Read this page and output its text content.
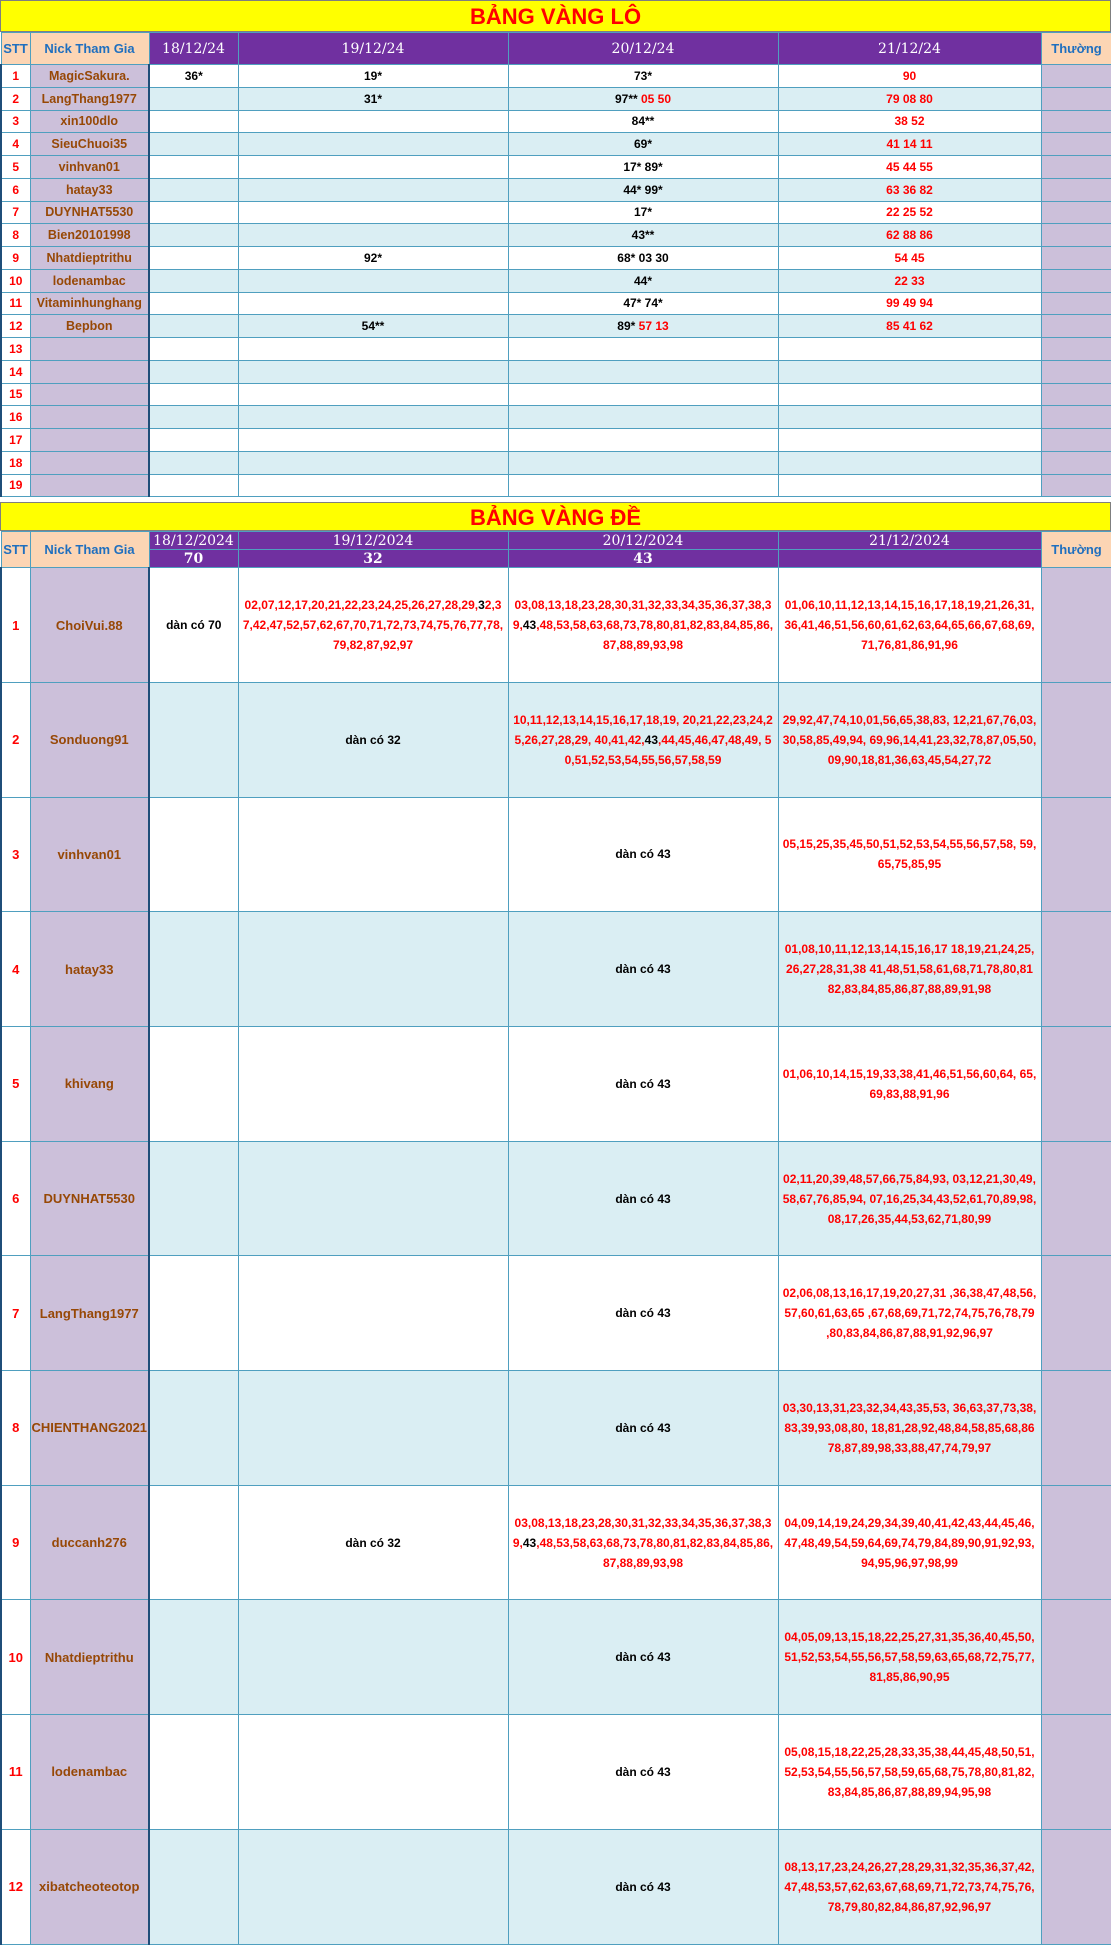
BẢNG VÀNG LÔ
STT	Nick Tham Gia	18/12/24	19/12/24	20/12/24	21/12/24	Thường
1	MagicSakura.	36*	19*	73*	90	
2	LangThang1977		31*	97** 05 50	79 08 80	
3	xin100dlo			84**	38 52	
4	SieuChuoi35			69*	41 14 11	
5	vinhvan01			17* 89*	45 44 55	
6	hatay33			44* 99*	63 36 82	
7	DUYNHAT5530			17*	22 25 52	
8	Bien20101998			43**	62 88 86	
9	Nhatdieptrithu		92*	68* 03 30	54 45	
10	lodenambac			44*	22 33	
11	Vitaminhunghang			47* 74*	99 49 94	
12	Bepbon		54**	89* 57 13	85 41 62	
13						
14						
15						
16						
17						
18						
19						
BẢNG VÀNG ĐỀ
STT	Nick Tham Gia	18/12/2024	19/12/2024	20/12/2024	21/12/2024	Thường
		70	32	43		
1	ChoiVui.88	dàn có 70	02,07,12,17,20,21,22,23,24,25,26,27,28,29,32,37,42,47,52,57,62,67,70,71,72,73,74,75,76,77,78,79,82,87,92,97	03,08,13,18,23,28,30,31,32,33,34,35,36,37,38,39,43,48,53,58,63,68,73,78,80,81,82,83,84,85,86,87,88,89,93,98	01,06,10,11,12,13,14,15,16,17,18,19,21,26,31,36,41,46,51,56,60,61,62,63,64,65,66,67,68,69,71,76,81,86,91,96	
2	Sonduong91		dàn có 32	10,11,12,13,14,15,16,17,18,19, 20,21,22,23,24,25,26,27,28,29, 40,41,42,43,44,45,46,47,48,49, 50,51,52,53,54,55,56,57,58,59	29,92,47,74,10,01,56,65,38,83, 12,21,67,76,03,30,58,85,49,94, 69,96,14,41,23,32,78,87,05,50, 09,90,18,81,36,63,45,54,27,72	
3	vinhvan01			dàn có 43	05,15,25,35,45,50,51,52,53,54,55,56,57,58, 59,65,75,85,95	
4	hatay33			dàn có 43	01,08,10,11,12,13,14,15,16,17 18,19,21,24,25,26,27,28,31,38 41,48,51,58,61,68,71,78,80,81 82,83,84,85,86,87,88,89,91,98	
5	khivang			dàn có 43	01,06,10,14,15,19,33,38,41,46,51,56,60,64, 65,69,83,88,91,96	
6	DUYNHAT5530			dàn có 43	02,11,20,39,48,57,66,75,84,93, 03,12,21,30,49,58,67,76,85,94, 07,16,25,34,43,52,61,70,89,98, 08,17,26,35,44,53,62,71,80,99	
7	LangThang1977			dàn có 43	02,06,08,13,16,17,19,20,27,31 ,36,38,47,48,56,57,60,61,63,65 ,67,68,69,71,72,74,75,76,78,79 ,80,83,84,86,87,88,91,92,96,97	
8	CHIENTHANG2021			dàn có 43	03,30,13,31,23,32,34,43,35,53, 36,63,37,73,38,83,39,93,08,80, 18,81,28,92,48,84,58,85,68,86 78,87,89,98,33,88,47,74,79,97	
9	duccanh276		dàn có 32	03,08,13,18,23,28,30,31,32,33,34,35,36,37,38,39,43,48,53,58,63,68,73,78,80,81,82,83,84,85,86,87,88,89,93,98	04,09,14,19,24,29,34,39,40,41,42,43,44,45,46,47,48,49,54,59,64,69,74,79,84,89,90,91,92,93,94,95,96,97,98,99	
10	Nhatdieptrithu			dàn có 43	04,05,09,13,15,18,22,25,27,31,35,36,40,45,50,51,52,53,54,55,56,57,58,59,63,65,68,72,75,77,81,85,86,90,95	
11	lodenambac			dàn có 43	05,08,15,18,22,25,28,33,35,38,44,45,48,50,51,52,53,54,55,56,57,58,59,65,68,75,78,80,81,82,83,84,85,86,87,88,89,94,95,98	
12	xibatcheoteotop			dàn có 43	08,13,17,23,24,26,27,28,29,31,32,35,36,37,42,47,48,53,57,62,63,67,68,69,71,72,73,74,75,76,78,79,80,82,84,86,87,92,96,97	
